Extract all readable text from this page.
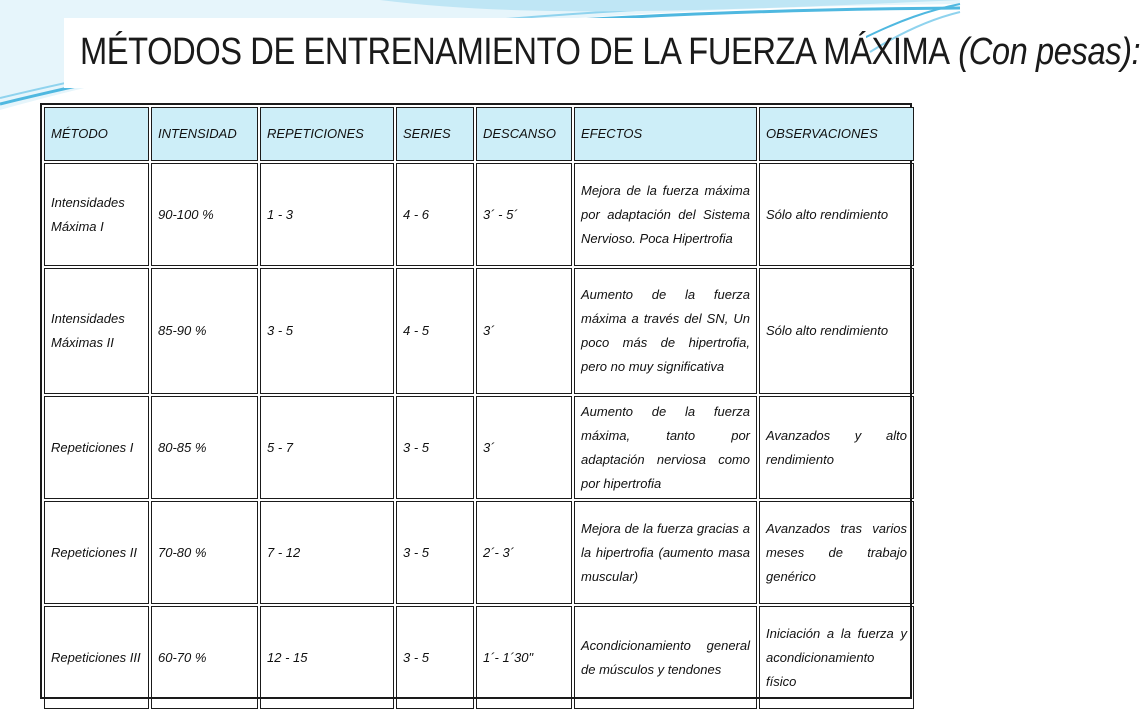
MÉTODOS DE ENTRENAMIENTO DE LA FUERZA MÁXIMA (Con pesas):
MÉTODO	INTENSIDAD	REPETICIONES	SERIES	DESCANSO	EFECTOS	OBSERVACIONES
Intensidades Máxima I	90-100 %	1 - 3	4 - 6	3´ - 5´	Mejora de la fuerza máxima por adaptación del Sistema Nervioso. Poca Hipertrofia	Sólo alto rendimiento
Intensidades Máximas II	85-90 %	3 - 5	4 - 5	3´	Aumento de la fuerza máxima a través del SN, Un poco más de hipertrofia, pero no muy significativa	Sólo alto rendimiento
Repeticiones I	80-85 %	5 - 7	3 - 5	3´	Aumento de la fuerza máxima, tanto por adaptación nerviosa como por hipertrofia	Avanzados y alto rendimiento
Repeticiones II	70-80 %	7 - 12	3 - 5	2´- 3´	Mejora de la fuerza gracias a la hipertrofia (aumento masa muscular)	Avanzados tras varios meses de trabajo genérico
Repeticiones III	60-70 %	12 - 15	3 - 5	1´- 1´30"	Acondicionamiento general de músculos y tendones	Iniciación a la fuerza y acondicionamiento físico
